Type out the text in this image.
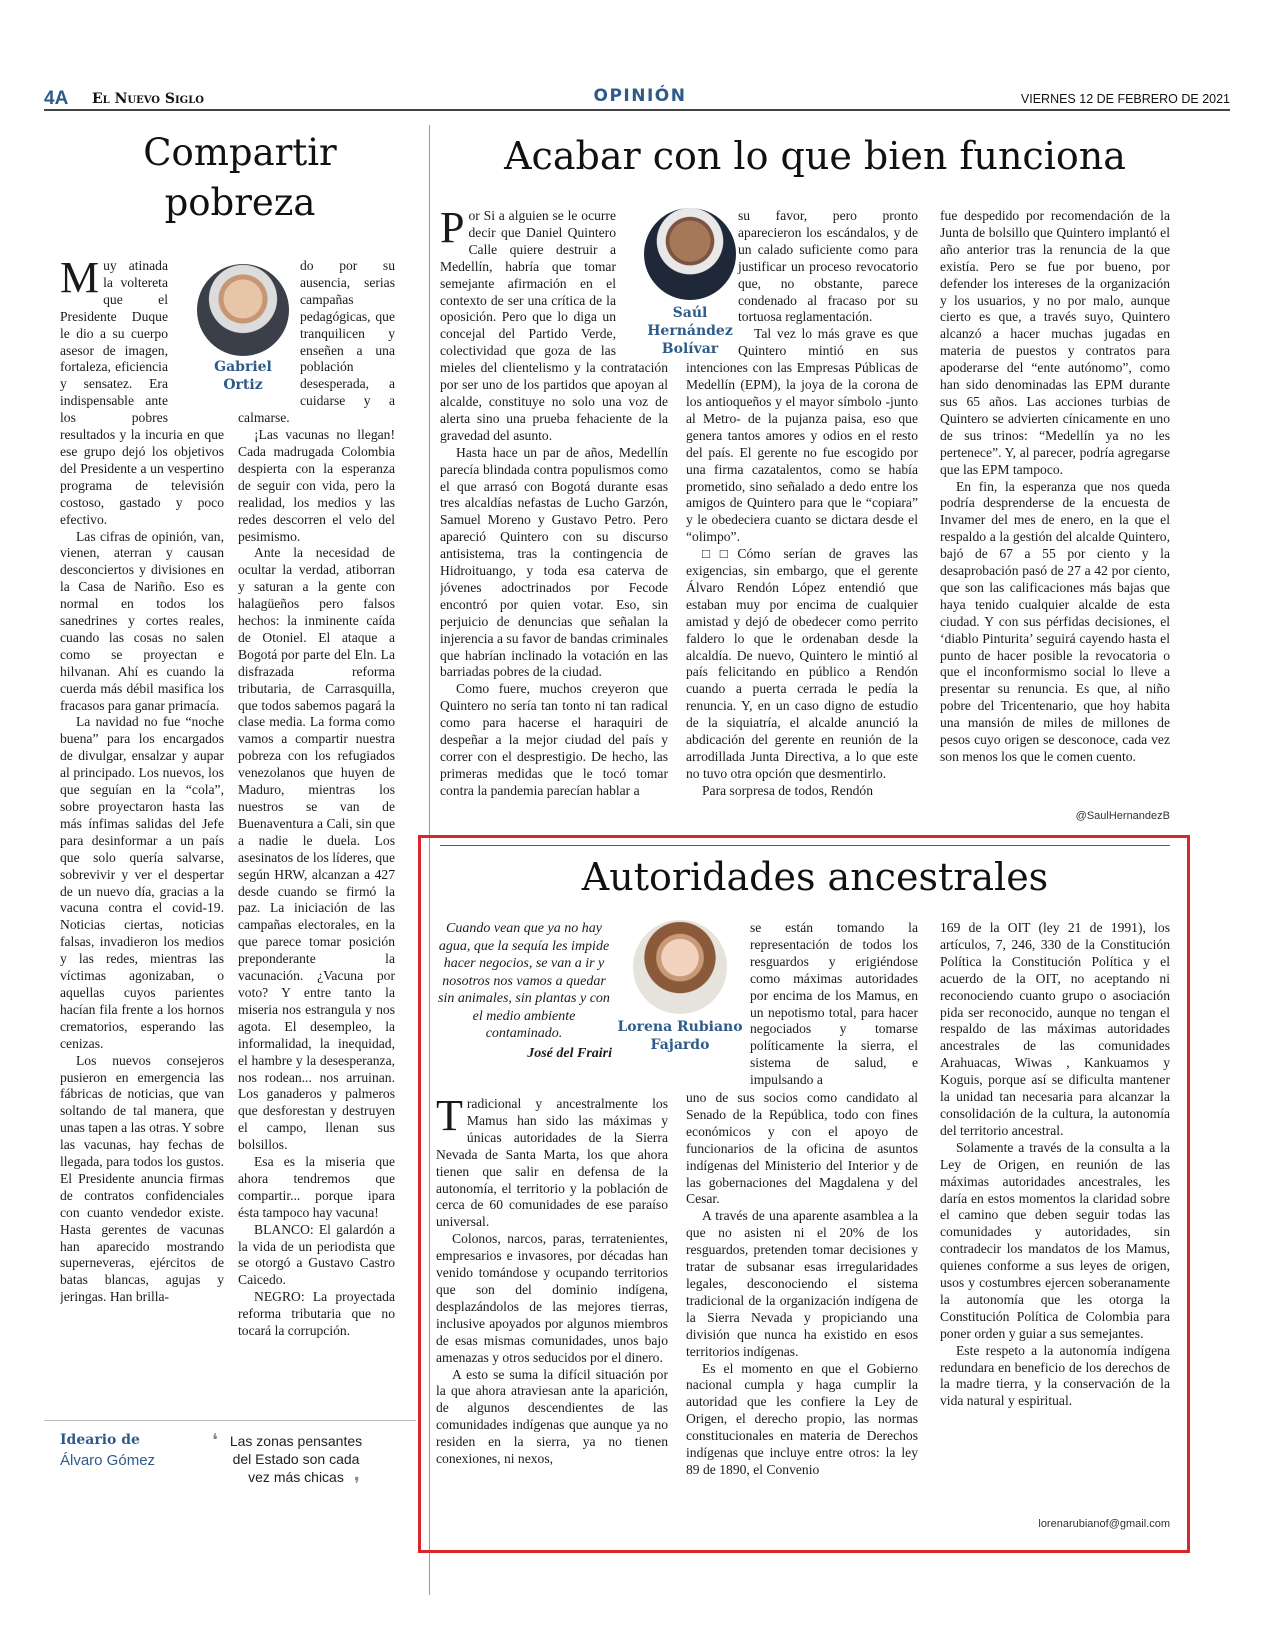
4A El Nuevo Siglo	OPINIÓN	VIERNES 12 DE FEBRERO DE 2021
Compartir pobreza
Gabriel Ortiz
M uy atinada la voltereta que el Presidente Duque le dio a su cuerpo asesor de imagen, fortaleza, eficiencia y sensatez. Era indispensable ante los pobres resultados y la incuria en que ese grupo dejó los objetivos del Presidente a un vespertino programa de televisión costoso, gastado y poco efectivo.

Las cifras de opinión, van, vienen, aterran y causan desconciertos y divisiones en la Casa de Nariño. Eso es normal en todos los sanedrines y cortes reales, cuando las cosas no salen como se proyectan e hilvanan. Ahí es cuando la cuerda más débil masifica los fracasos para ganar primacía.

La navidad no fue “noche buena” para los encargados de divulgar, ensalzar y aupar al principado. Los nuevos, los que seguían en la “cola”, sobre proyectaron hasta las más ínfimas salidas del Jefe para desinformar a un país que solo quería salvarse, sobrevivir y ver el despertar de un nuevo día, gracias a la vacuna contra el covid-19. Noticias ciertas, noticias falsas, invadieron los medios y las redes, mientras las víctimas agonizaban, o aquellas cuyos parientes hacían fila frente a los hornos crematorios, esperando las cenizas.

Los nuevos consejeros pusieron en emergencia las fábricas de noticias, que van soltando de tal manera, que unas tapen a las otras. Y sobre las vacunas, hay fechas de llegada, para todos los gustos. El Presidente anuncia firmas de contratos confidenciales con cuanto vendedor existe. Hasta gerentes de vacunas han aparecido mostrando superneveras, ejércitos de batas blancas, agujas y jeringas. Han brilla-

do por su ausencia, serias campañas pedagógicas, que tranquilicen y enseñen a una población desesperada, a cuidarse y a calmarse.

¡Las vacunas no llegan! Cada madrugada Colombia despierta con la esperanza de seguir con vida, pero la realidad, los medios y las redes descorren el velo del pesimismo.

Ante la necesidad de ocultar la verdad, atiborran y saturan a la gente con halagüeños pero falsos hechos: la inminente caída de Otoniel. El ataque a Bogotá por parte del Eln. La disfrazada reforma tributaria, de Carrasquilla, que todos sabemos pagará la clase media. La forma como vamos a compartir nuestra pobreza con los refugiados venezolanos que huyen de Maduro, mientras los nuestros se van de Buenaventura a Cali, sin que a nadie le duela. Los asesinatos de los líderes, que según HRW, alcanzan a 427 desde cuando se firmó la paz. La iniciación de las campañas electorales, en la que parece tomar posición preponderante la vacunación. ¿Vacuna por voto? Y entre tanto la miseria nos estrangula y nos agota. El desempleo, la informalidad, la inequidad, el hambre y la desesperanza, nos rodean... nos arruinan. Los ganaderos y palmeros que desforestan y destruyen el campo, llenan sus bolsillos.

Esa es la miseria que ahora tendremos que compartir... porque ipara ésta tampoco hay vacuna!

BLANCO: El galardón a la vida de un periodista que se otorgó a Gustavo Castro Caicedo.

NEGRO: La proyectada reforma tributaria que no tocará la corrupción.

Ideario de
Álvaro Gómez
❛ Las zonas pensantes del Estado son cada vez más chicas ❜
Acabar con lo que bien funciona
Saúl Hernández Bolívar
P or Si a alguien se le ocurre decir que Daniel Quintero Calle quiere destruir a Medellín, habría que tomar semejante afirmación en el contexto de ser una crítica de la oposición. Pero que lo diga un concejal del Partido Verde, colectividad que goza de las mieles del clientelismo y la contratación por ser uno de los partidos que apoyan al alcalde, constituye no solo una voz de alerta sino una prueba fehaciente de la gravedad del asunto.

Hasta hace un par de años, Medellín parecía blindada contra populismos como el que arrasó con Bogotá durante esas tres alcaldías nefastas de Lucho Garzón, Samuel Moreno y Gustavo Petro. Pero apareció Quintero con su discurso antisistema, tras la contingencia de Hidroituango, y toda esa caterva de jóvenes adoctrinados por Fecode encontró por quien votar. Eso, sin perjuicio de denuncias que señalan la injerencia a su favor de bandas criminales que habrían inclinado la votación en las barriadas pobres de la ciudad.

Como fuere, muchos creyeron que Quintero no sería tan tonto ni tan radical como para hacerse el haraquiri de despeñar a la mejor ciudad del país y correr con el desprestigio. De hecho, las primeras medidas que le tocó tomar contra la pandemia parecían hablar a

su favor, pero pronto aparecieron los escándalos, y de un calado suficiente como para justificar un proceso revocatorio que, no obstante, parece condenado al fracaso por su tortuosa reglamentación.

Tal vez lo más grave es que Quintero mintió en sus intenciones con las Empresas Públicas de Medellín (EPM), la joya de la corona de los antioqueños y el mayor símbolo -junto al Metro- de la pujanza paisa, eso que genera tantos amores y odios en el resto del país. El gerente no fue escogido por una firma cazatalentos, como se había prometido, sino señalado a dedo entre los amigos de Quintero para que le “copiara” y le obedeciera cuanto se dictara desde el “olimpo”.

□□Cómo serían de graves las exigencias, sin embargo, que el gerente Álvaro Rendón López entendió que estaban muy por encima de cualquier amistad y dejó de obedecer como perrito faldero lo que le ordenaban desde la alcaldía. De nuevo, Quintero le mintió al país felicitando en público a Rendón cuando a puerta cerrada le pedía la renuncia. Y, en un caso digno de estudio de la siquiatría, el alcalde anunció la abdicación del gerente en reunión de la arrodillada Junta Directiva, a lo que este no tuvo otra opción que desmentirlo.

Para sorpresa de todos, Rendón

fue despedido por recomendación de la Junta de bolsillo que Quintero implantó el año anterior tras la renuncia de la que existía. Pero se fue por bueno, por defender los intereses de la organización y los usuarios, y no por malo, aunque cierto es que, a través suyo, Quintero alcanzó a hacer muchas jugadas en materia de puestos y contratos para apoderarse del “ente autónomo”, como han sido denominadas las EPM durante sus 65 años. Las acciones turbias de Quintero se advierten cínicamente en uno de sus trinos: “Medellín ya no les pertenece”. Y, al parecer, podría agregarse que las EPM tampoco.

En fin, la esperanza que nos queda podría desprenderse de la encuesta de Invamer del mes de enero, en la que el respaldo a la gestión del alcalde Quintero, bajó de 67 a 55 por ciento y la desaprobación pasó de 27 a 42 por ciento, que son las calificaciones más bajas que haya tenido cualquier alcalde de esta ciudad. Y con sus pérfidas decisiones, el ‘diablo Pinturita’ seguirá cayendo hasta el punto de hacer posible la revocatoria o que el inconformismo social lo lleve a presentar su renuncia. Es que, al niño pobre del Tricentenario, que hoy habita una mansión de miles de millones de pesos cuyo origen se desconoce, cada vez son menos los que le comen cuento.

@SaulHernandezB
Autoridades ancestrales
Cuando vean que ya no hay agua, que la sequía les impide hacer negocios, se van a ir y nosotros nos vamos a quedar sin animales, sin plantas y con el medio ambiente contaminado.
José del Frairi
Lorena Rubiano Fajardo
T radicional y ancestralmente los Mamus han sido las máximas y únicas autoridades de la Sierra Nevada de Santa Marta, los que ahora tienen que salir en defensa de la autonomía, el territorio y la población de cerca de 60 comunidades de ese paraíso universal.

Colonos, narcos, paras, terratenientes, empresarios e invasores, por décadas han venido tomándose y ocupando territorios que son del dominio indígena, desplazándolos de las mejores tierras, inclusive apoyados por algunos miembros de esas mismas comunidades, unos bajo amenazas y otros seducidos por el dinero.

A esto se suma la difícil situación por la que ahora atraviesan ante la aparición, de algunos descendientes de las comunidades indígenas que aunque ya no residen en la sierra, ya no tienen conexiones, ni nexos,

se están tomando la representación de todos los resguardos y erigiéndose como máximas autoridades por encima de los Mamus, en un nepotismo total, para hacer negociados y tomarse políticamente la sierra, el sistema de salud, e impulsando a

uno de sus socios como candidato al Senado de la República, todo con fines económicos y con el apoyo de funcionarios de la oficina de asuntos indígenas del Ministerio del Interior y de las gobernaciones del Magdalena y del Cesar.

A través de una aparente asamblea a la que no asisten ni el 20% de los resguardos, pretenden tomar decisiones y tratar de subsanar esas irregularidades legales, desconociendo el sistema tradicional de la organización indígena de la Sierra Nevada y propiciando una división que nunca ha existido en esos territorios indígenas.

Es el momento en que el Gobierno nacional cumpla y haga cumplir la autoridad que les confiere la Ley de Origen, el derecho propio, las normas constitucionales en materia de Derechos indígenas que incluye entre otros: la ley 89 de 1890, el Convenio

169 de la OIT (ley 21 de 1991), los artículos, 7, 246, 330 de la Constitución Política la Constitución Política y el acuerdo de la OIT, no aceptando ni reconociendo cuanto grupo o asociación pida ser reconocido, aunque no tengan el respaldo de las máximas autoridades ancestrales de las comunidades Arahuacas, Wiwas , Kankuamos y Koguis, porque así se dificulta mantener la unidad tan necesaria para alcanzar la consolidación de la cultura, la autonomía del territorio ancestral.

Solamente a través de la consulta a la Ley de Origen, en reunión de las máximas autoridades ancestrales, les daría en estos momentos la claridad sobre el camino que deben seguir todas las comunidades y autoridades, sin contradecir los mandatos de los Mamus, quienes conforme a sus leyes de origen, usos y costumbres ejercen soberanamente la autonomía que les otorga la Constitución Política de Colombia para poner orden y guiar a sus semejantes.

Este respeto a la autonomía indígena redundara en beneficio de los derechos de la madre tierra, y la conservación de la vida natural y espiritual.

lorenarubianof@gmail.com
